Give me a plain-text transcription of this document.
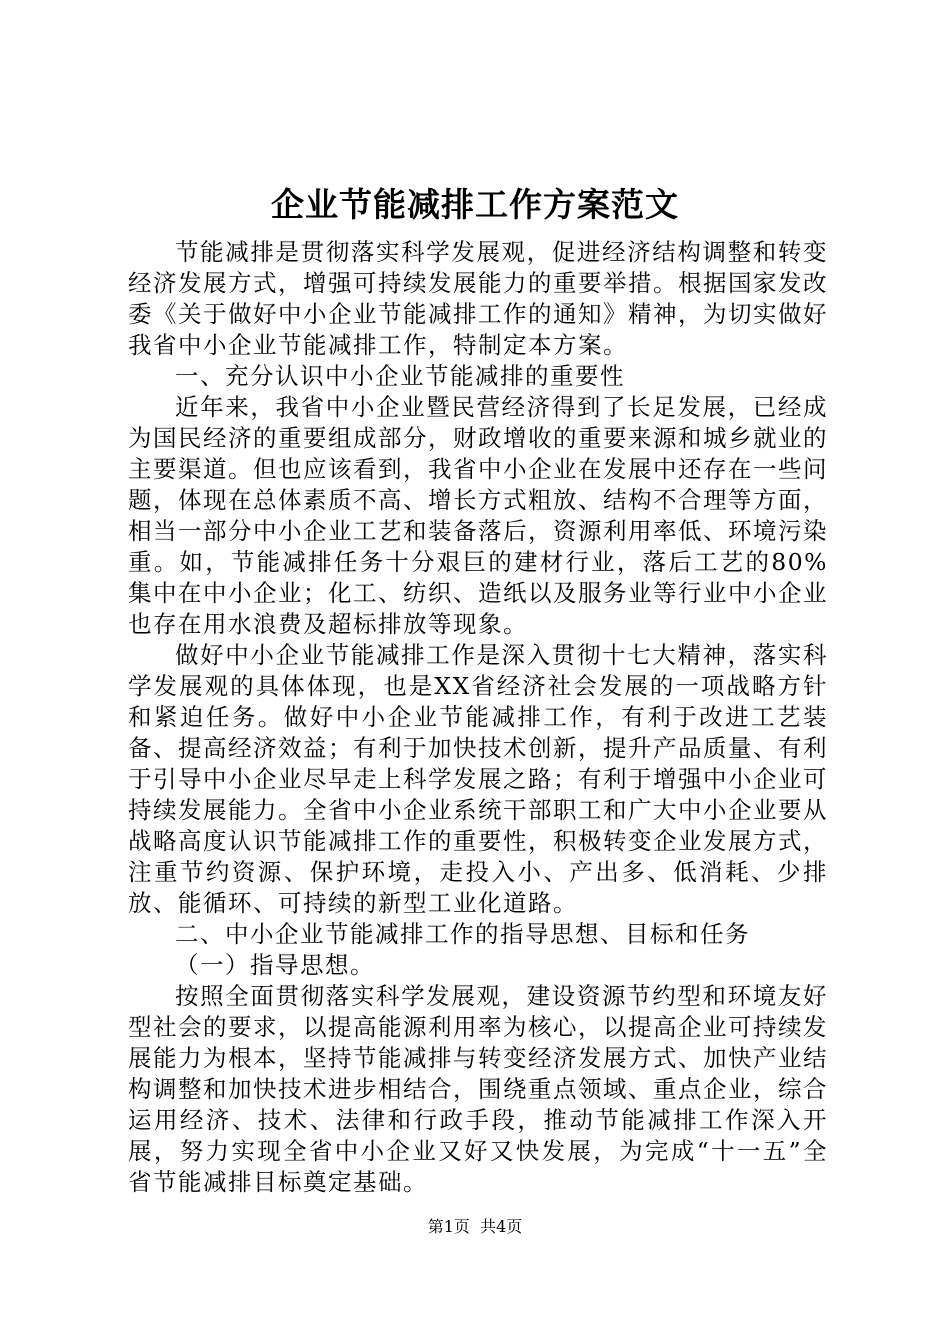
企业节能减排工作方案范文

节能减排是贯彻落实科学发展观，促进经济结构调整和转变经济发展方式，增强可持续发展能力的重要举措。根据国家发改委《关于做好中小企业节能减排工作的通知》精神，为切实做好我省中小企业节能减排工作，特制定本方案。

一、充分认识中小企业节能减排的重要性

近年来，我省中小企业暨民营经济得到了长足发展，已经成为国民经济的重要组成部分，财政增收的重要来源和城乡就业的主要渠道。但也应该看到，我省中小企业在发展中还存在一些问题，体现在总体素质不高、增长方式粗放、结构不合理等方面，相当一部分中小企业工艺和装备落后，资源利用率低、环境污染重。如，节能减排任务十分艰巨的建材行业，落后工艺的80%集中在中小企业；化工、纺织、造纸以及服务业等行业中小企业也存在用水浪费及超标排放等现象。

做好中小企业节能减排工作是深入贯彻十七大精神，落实科学发展观的具体体现，也是XX省经济社会发展的一项战略方针和紧迫任务。做好中小企业节能减排工作，有利于改进工艺装备、提高经济效益；有利于加快技术创新，提升产品质量、有利于引导中小企业尽早走上科学发展之路；有利于增强中小企业可持续发展能力。全省中小企业系统干部职工和广大中小企业要从战略高度认识节能减排工作的重要性，积极转变企业发展方式，注重节约资源、保护环境，走投入小、产出多、低消耗、少排放、能循环、可持续的新型工业化道路。

二、中小企业节能减排工作的指导思想、目标和任务

（一）指导思想。

按照全面贯彻落实科学发展观，建设资源节约型和环境友好型社会的要求，以提高能源利用率为核心，以提高企业可持续发展能力为根本，坚持节能减排与转变经济发展方式、加快产业结构调整和加快技术进步相结合，围绕重点领域、重点企业，综合运用经济、技术、法律和行政手段，推动节能减排工作深入开展，努力实现全省中小企业又好又快发展，为完成“十一五”全省节能减排目标奠定基础。

第1页 共4页
